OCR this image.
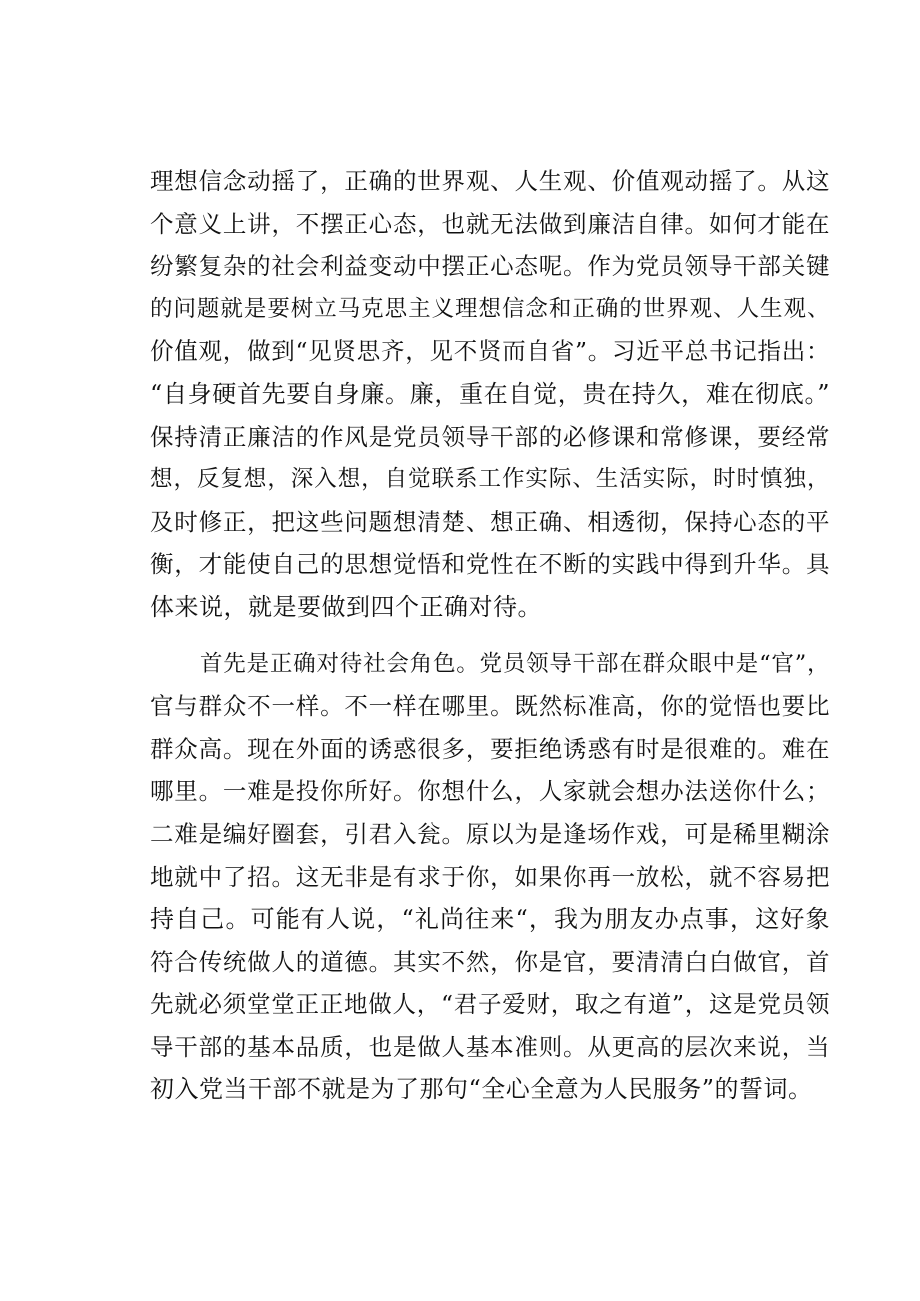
理想信念动摇了，正确的世界观、人生观、价值观动摇了。从这
个意义上讲，不摆正心态，也就无法做到廉洁自律。如何才能在
纷繁复杂的社会利益变动中摆正心态呢。作为党员领导干部关键
的问题就是要树立马克思主义理想信念和正确的世界观、人生观、
价值观，做到“见贤思齐，见不贤而自省”。习近平总书记指出：
“自身硬首先要自身廉。廉，重在自觉，贵在持久，难在彻底。”
保持清正廉洁的作风是党员领导干部的必修课和常修课，要经常
想，反复想，深入想，自觉联系工作实际、生活实际，时时慎独，
及时修正，把这些问题想清楚、想正确、相透彻，保持心态的平
衡，才能使自己的思想觉悟和党性在不断的实践中得到升华。具
体来说，就是要做到四个正确对待。
首先是正确对待社会角色。党员领导干部在群众眼中是“官”，
官与群众不一样。不一样在哪里。既然标准高，你的觉悟也要比
群众高。现在外面的诱惑很多，要拒绝诱惑有时是很难的。难在
哪里。一难是投你所好。你想什么，人家就会想办法送你什么；
二难是编好圈套，引君入瓮。原以为是逢场作戏，可是稀里糊涂
地就中了招。这无非是有求于你，如果你再一放松，就不容易把
持自己。可能有人说，“礼尚往来“，我为朋友办点事，这好象
符合传统做人的道德。其实不然，你是官，要清清白白做官，首
先就必须堂堂正正地做人，“君子爱财，取之有道”，这是党员领
导干部的基本品质，也是做人基本准则。从更高的层次来说，当
初入党当干部不就是为了那句“全心全意为人民服务”的誓词。
